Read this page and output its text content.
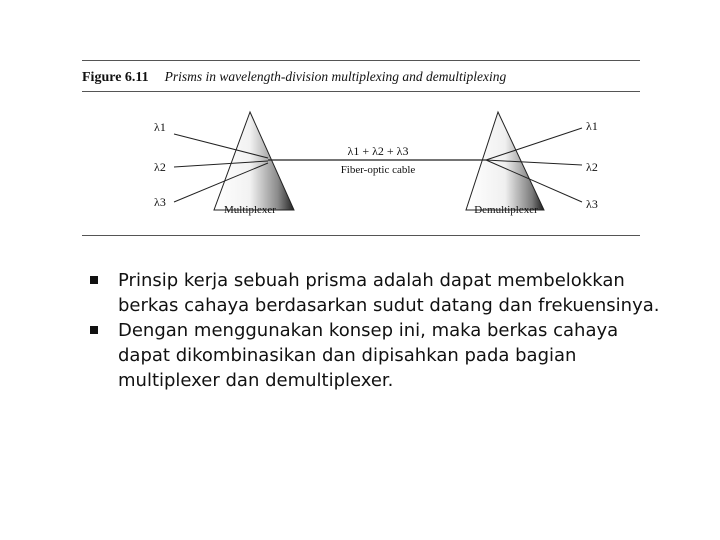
Figure 6.11 Prisms in wavelength-division multiplexing and demultiplexing
λ1
λ2
λ3
λ1
λ2
λ3
λ1 + λ2 + λ3
Fiber-optic cable
Multiplexer	Demultiplexer
Prinsip kerja sebuah prisma adalah dapat membelokkan berkas cahaya berdasarkan sudut datang dan frekuensinya.
Dengan menggunakan konsep ini, maka berkas cahaya dapat dikombinasikan dan dipisahkan pada bagian multiplexer dan demultiplexer.
